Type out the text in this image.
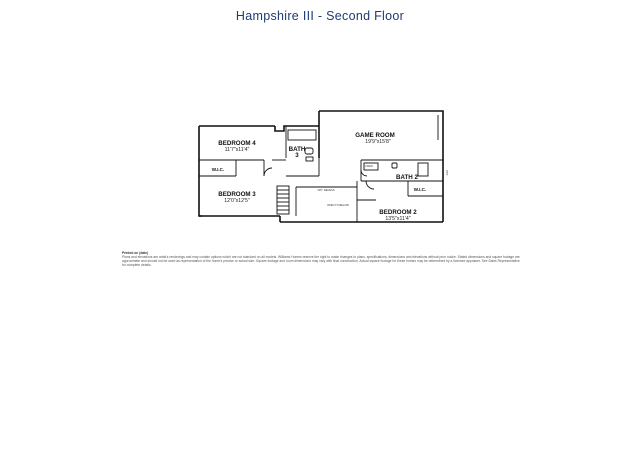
Hampshire III - Second Floor
GAME ROOM
19'9"x15'8"
BEDROOM 4
11'7"x11'4"	BATH
3
W.I.C.
BEDROOM 3
12'0"x12'5"
BATH 2
W.I.C.
BEDROOM 2
13'5"x11'4"
LINEN
OPT. RECESS
OPEN TO BELOW
OPT.
Printed on (date)
Plans and elevations are artist's renderings and may contain options which are not standard on all models. Williams Homes reserve the right to make changes to plans, specifications, dimensions and elevations without prior notice. Stated dimensions and square footage are approximate and should not be used as representation of the home's precise or actual size. Square footage and room dimensions may vary with final construction. Actual square footage for these homes may be determined by a licensed appraiser. See Sales Representative for complete details.
